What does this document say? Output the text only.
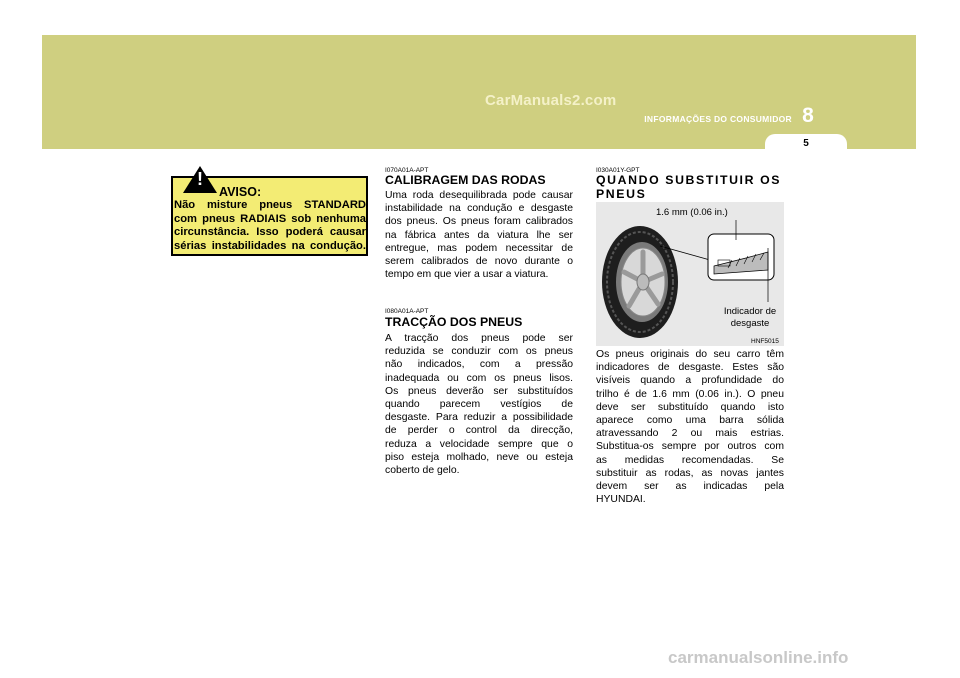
CarManuals2.com
INFORMAÇÕES DO CONSUMIDOR 8
5
!
AVISO:
Não misture pneus STANDARD
com pneus RADIAIS sob nenhuma
circunstância. Isso poderá causar
sérias instabilidades na condução.
I070A01A-APT
CALIBRAGEM DAS RODAS
Uma roda desequilibrada pode causar
instabilidade na condução e desgaste
dos pneus. Os pneus foram calibrados
na fábrica antes da viatura lhe ser
entregue, mas podem necessitar de
serem calibrados de novo durante o
tempo em que vier a usar a viatura.
I080A01A-APT
TRACÇÃO DOS PNEUS
A tracção dos pneus pode ser
reduzida se conduzir com os pneus
não indicados, com a pressão
inadequada ou com os pneus lisos.
Os pneus deverão ser substituídos
quando parecem vestígios de
desgaste. Para reduzir a possibilidade
de perder o control da direcção,
reduza a velocidade sempre que o
piso esteja molhado, neve ou esteja
coberto de gelo.
I030A01Y-GPT
QUANDO SUBSTITUIR OS
PNEUS
1.6 mm (0.06 in.)
Indicador de
desgaste
HNF5015
Os pneus originais do seu carro têm
indicadores de desgaste. Estes são
visíveis quando a profundidade do
trilho é de 1.6 mm (0.06 in.). O pneu
deve ser substituído quando isto
aparece como uma barra sólida
atravessando 2 ou mais estrias.
Substitua-os sempre por outros com
as medidas recomendadas. Se
substituir as rodas, as novas jantes
devem ser as indicadas pela
HYUNDAI.
carmanualsonline.info
